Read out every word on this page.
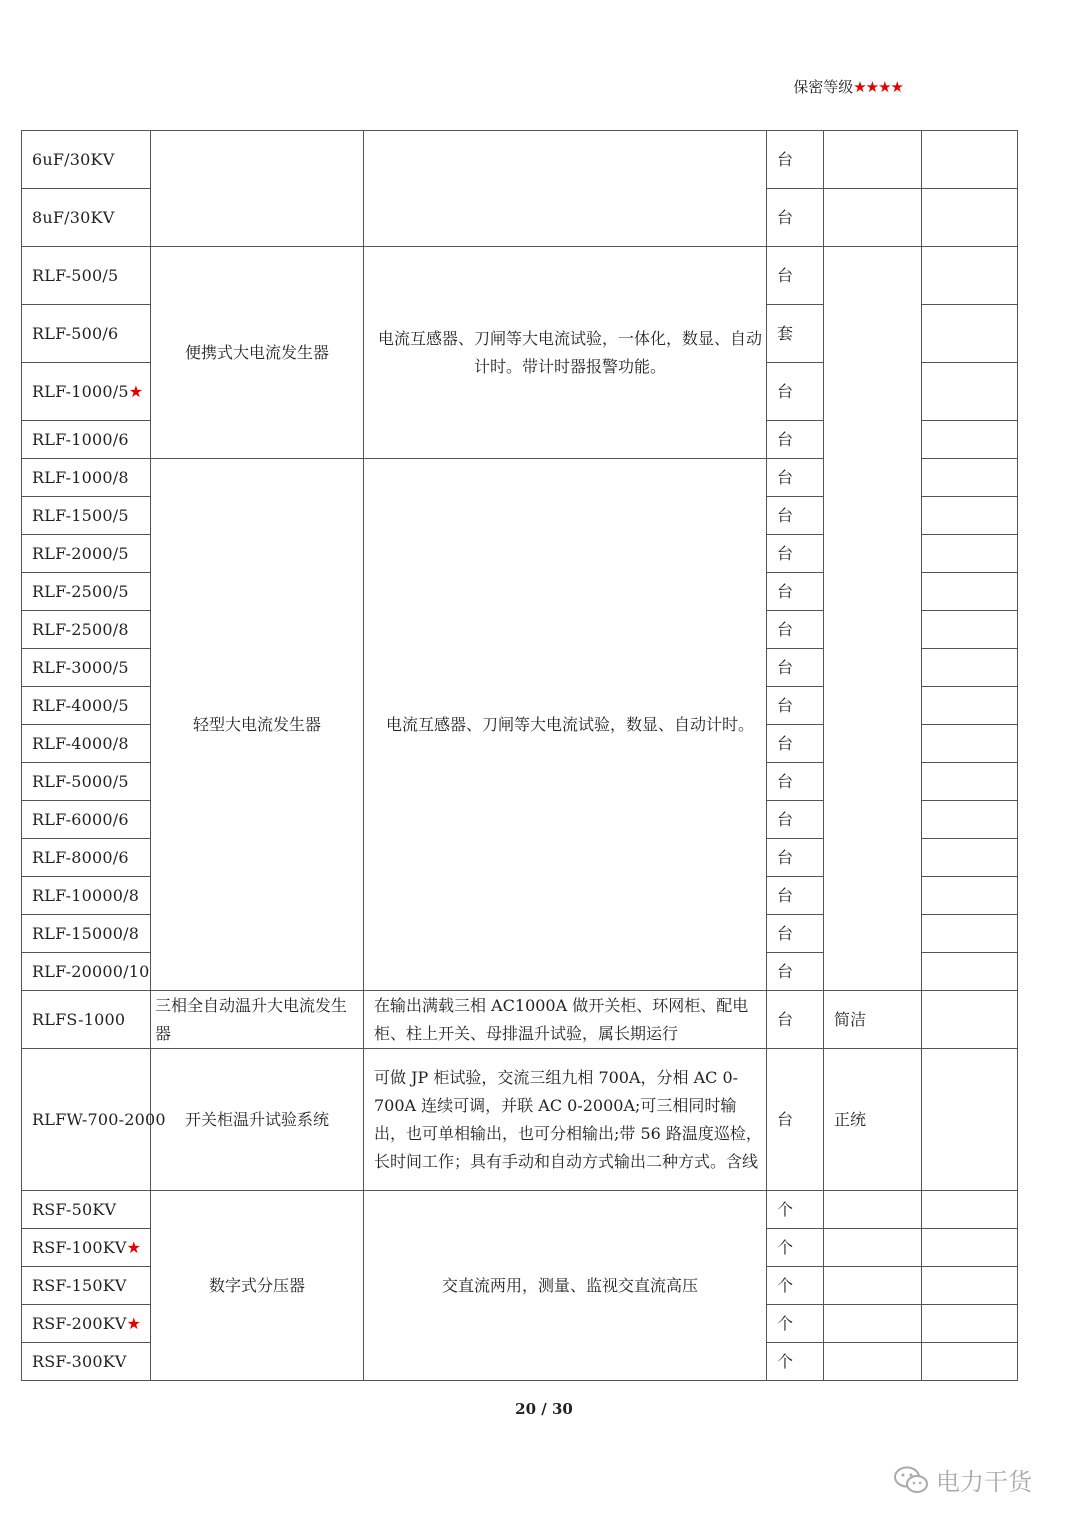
保密等级★★★★
6uF/30KV			台		
8uF/30KV			台		
RLF-500/5	便携式大电流发生器	电流互感器、刀闸等大电流试验，一体化，数显、自动计时。带计时器报警功能。	台		
RLF-500/6			套		
RLF-1000/5★			台		
RLF-1000/6			台		
RLF-1000/8	轻型大电流发生器	电流互感器、刀闸等大电流试验，数显、自动计时。	台		
RLF-1500/5			台		
RLF-2000/5			台		
RLF-2500/5			台		
RLF-2500/8			台		
RLF-3000/5			台		
RLF-4000/5			台		
RLF-4000/8			台		
RLF-5000/5			台		
RLF-6000/6			台		
RLF-8000/6			台		
RLF-10000/8			台		
RLF-15000/8			台		
RLF-20000/10			台		
RLFS-1000	三相全自动温升大电流发生器	在输出满载三相 AC1000A 做开关柜、环网柜、配电柜、柱上开关、母排温升试验，属长期运行	台	简洁	
RLFW-700-2000	开关柜温升试验系统	可做 JP 柜试验，交流三组九相 700A，分相 AC 0-700A 连续可调，并联 AC 0-2000A;可三相同时输出，也可单相输出，也可分相输出;带 56 路温度巡检，长时间工作；具有手动和自动方式输出二种方式。含线	台	正统	
RSF-50KV	数字式分压器	交直流两用，测量、监视交直流高压	个		
RSF-100KV★			个		
RSF-150KV			个		
RSF-200KV★			个		
RSF-300KV			个		
20 / 30
电力干货
